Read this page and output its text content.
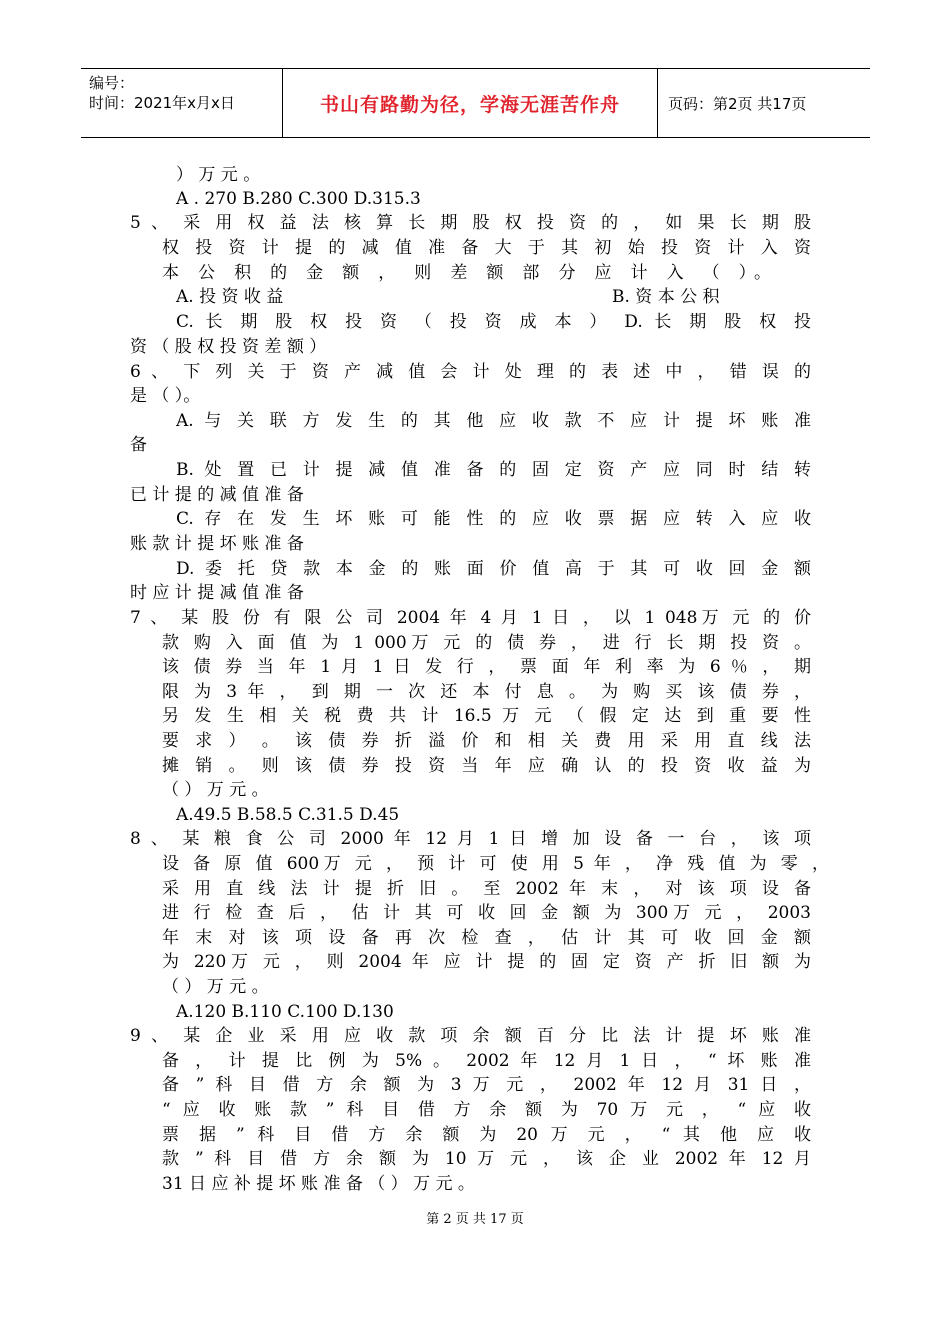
编号：
时间：2021年x月x日	书山有路勤为径，学海无涯苦作舟	页码：第2页 共17页
） 万 元 。
A . 270 B.280 C.300 D.315.3
5 、 采 用 权 益 法 核 算 长 期 股 权 投 资 的 ， 如 果 长 期 股
权 投 资 计 提 的 减 值 准 备 大 于 其 初 始 投 资 计 入 资
本 公 积 的 金 额 ， 则 差 额 部 分 应 计 入 （ ）。
A. 投 资 收 益	B. 资 本 公 积
C. 长 期 股 权 投 资 （ 投 资 成 本 ） D. 长 期 股 权 投
资 （ 股 权 投 资 差 额 ）
6 、 下 列 关 于 资 产 减 值 会 计 处 理 的 表 述 中 ， 错 误 的
是 （ ）。
A. 与 关 联 方 发 生 的 其 他 应 收 款 不 应 计 提 坏 账 准
备
B. 处 置 已 计 提 减 值 准 备 的 固 定 资 产 应 同 时 结 转
已 计 提 的 减 值 准 备
C. 存 在 发 生 坏 账 可 能 性 的 应 收 票 据 应 转 入 应 收
账 款 计 提 坏 账 准 备
D. 委 托 贷 款 本 金 的 账 面 价 值 高 于 其 可 收 回 金 额
时 应 计 提 减 值 准 备
7 、 某 股 份 有 限 公 司 2004 年 4 月 1 日 ， 以 1 048万 元 的 价
款 购 入 面 值 为 1 000万 元 的 债 券 ， 进 行 长 期 投 资 。
该 债 券 当 年 1 月 1 日 发 行 ， 票 面 年 利 率 为 6 ％ ， 期
限 为 3 年 ， 到 期 一 次 还 本 付 息 。 为 购 买 该 债 券 ，
另 发 生 相 关 税 费 共 计 16.5 万 元 （ 假 定 达 到 重 要 性
要 求 ） 。 该 债 券 折 溢 价 和 相 关 费 用 采 用 直 线 法
摊 销 。 则 该 债 券 投 资 当 年 应 确 认 的 投 资 收 益 为
（ ） 万 元 。
A.49.5 B.58.5 C.31.5 D.45
8 、 某 粮 食 公 司 2000 年 12 月 1 日 增 加 设 备 一 台 ， 该 项
设 备 原 值 600万 元 ， 预 计 可 使 用 5 年 ， 净 残 值 为 零 ，
采 用 直 线 法 计 提 折 旧 。 至 2002 年 末 ， 对 该 项 设 备
进 行 检 查 后 ， 估 计 其 可 收 回 金 额 为 300万 元 ， 2003
年 末 对 该 项 设 备 再 次 检 查 ， 估 计 其 可 收 回 金 额
为 220万 元 ， 则 2004 年 应 计 提 的 固 定 资 产 折 旧 额 为
（ ） 万 元 。
A.120 B.110 C.100 D.130
9 、 某 企 业 采 用 应 收 款 项 余 额 百 分 比 法 计 提 坏 账 准
备 ， 计 提 比 例 为 5% 。 2002 年 12 月 1 日 ， “ 坏 账 准
备 ” 科 目 借 方 余 额 为 3 万 元 ， 2002 年 12 月 31 日 ，
“ 应 收 账 款 ” 科 目 借 方 余 额 为 70 万 元 ， “ 应 收
票 据 ” 科 目 借 方 余 额 为 20 万 元 ， “ 其 他 应 收
款 ” 科 目 借 方 余 额 为 10 万 元 ， 该 企 业 2002 年 12 月
31 日 应 补 提 坏 账 准 备 （ ） 万 元 。
第 2 页 共 17 页
